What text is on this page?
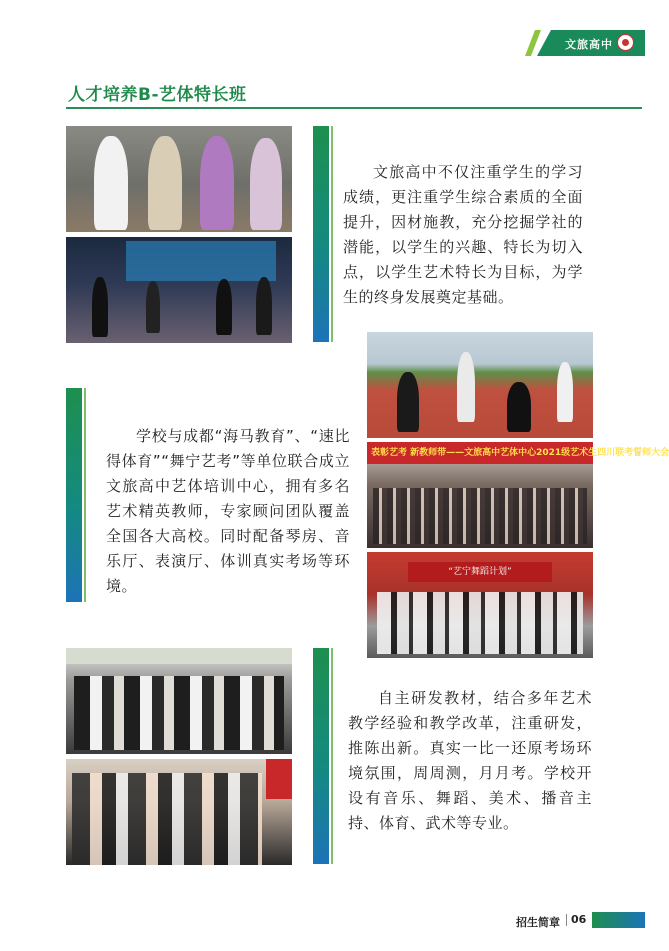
文旅高中
人才培养B-艺体特长班

文旅高中不仅注重学生的学习成绩，更注重学生综合素质的全面提升，因材施教，充分挖掘学社的潜能，以学生的兴趣、特长为切入点，以学生艺术特长为目标，为学生的终身发展奠定基础。

表彰艺考 新教师带——文旅高中艺体中心2021级艺术生四川联考誓师大会
“艺宁舞蹈计划”

学校与成都“海马教育”、“速比得体育”“舞宁艺考”等单位联合成立文旅高中艺体培训中心，拥有多名艺术精英教师，专家顾问团队覆盖全国各大高校。同时配备琴房、音乐厅、表演厅、体训真实考场等环境。

自主研发教材，结合多年艺术教学经验和教学改革，注重研发，推陈出新。真实一比一还原考场环境氛围，周周测，月月考。学校开设有音乐、舞蹈、美术、播音主持、体育、武术等专业。

招生简章 06
